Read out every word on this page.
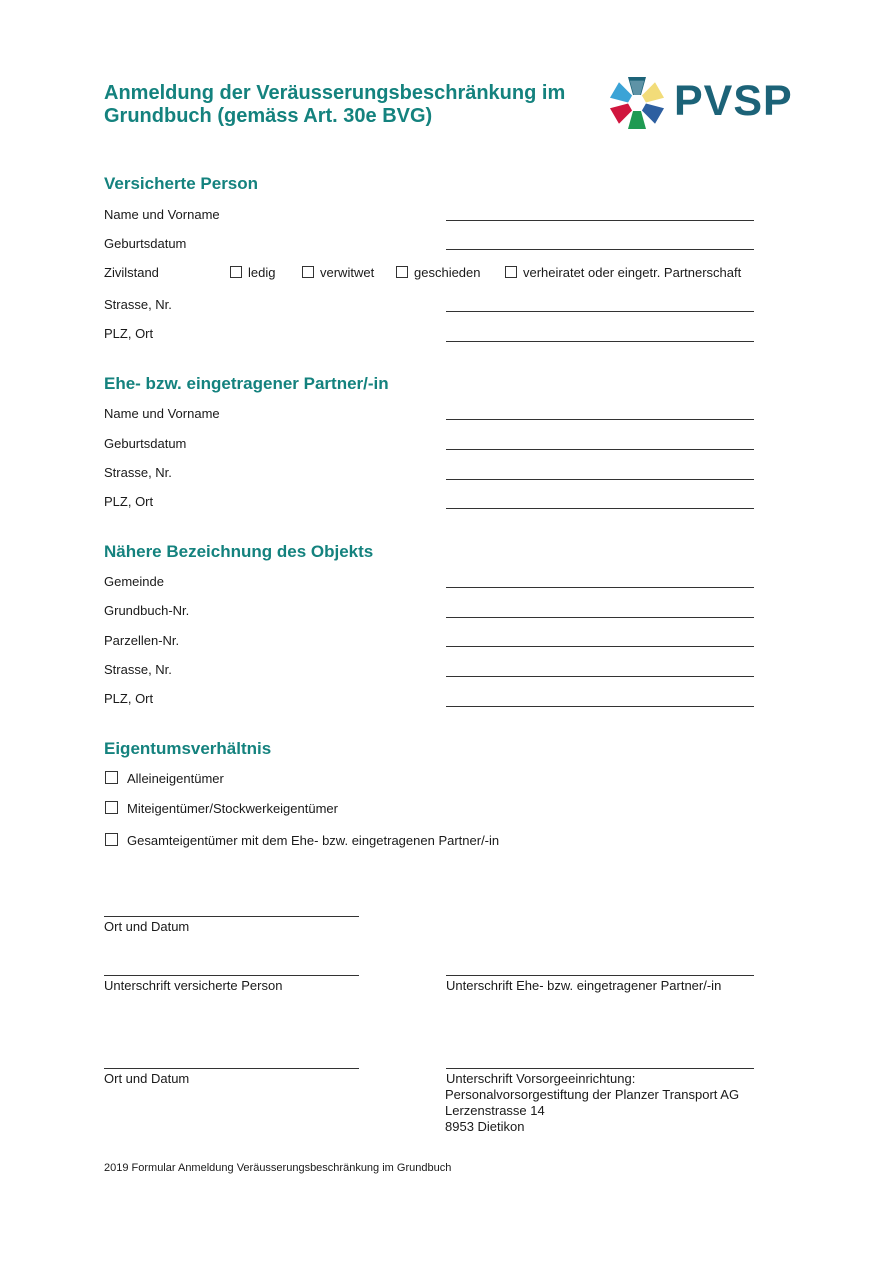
Anmeldung der Veräusserungsbeschränkung im
Grundbuch (gemäss Art. 30e BVG)	PVSP
Versicherte Person
Name und Vorname
Geburtsdatum
Zivilstand	ledig	verwitwet	geschieden	verheiratet oder eingetr. Partnerschaft
Strasse, Nr.
PLZ, Ort
Ehe- bzw. eingetragener Partner/-in
Name und Vorname
Geburtsdatum
Strasse, Nr.
PLZ, Ort
Nähere Bezeichnung des Objekts
Gemeinde
Grundbuch-Nr.
Parzellen-Nr.
Strasse, Nr.
PLZ, Ort
Eigentumsverhältnis
Alleineigentümer
Miteigentümer/Stockwerkeigentümer
Gesamteigentümer mit dem Ehe- bzw. eingetragenen Partner/-in
Ort und Datum
Unterschrift versicherte Person	Unterschrift Ehe- bzw. eingetragener Partner/-in
Ort und Datum	Unterschrift Vorsorgeeinrichtung:
Personalvorsorgestiftung der Planzer Transport AG
Lerzenstrasse 14
8953 Dietikon
2019 Formular Anmeldung Veräusserungsbeschränkung im Grundbuch
